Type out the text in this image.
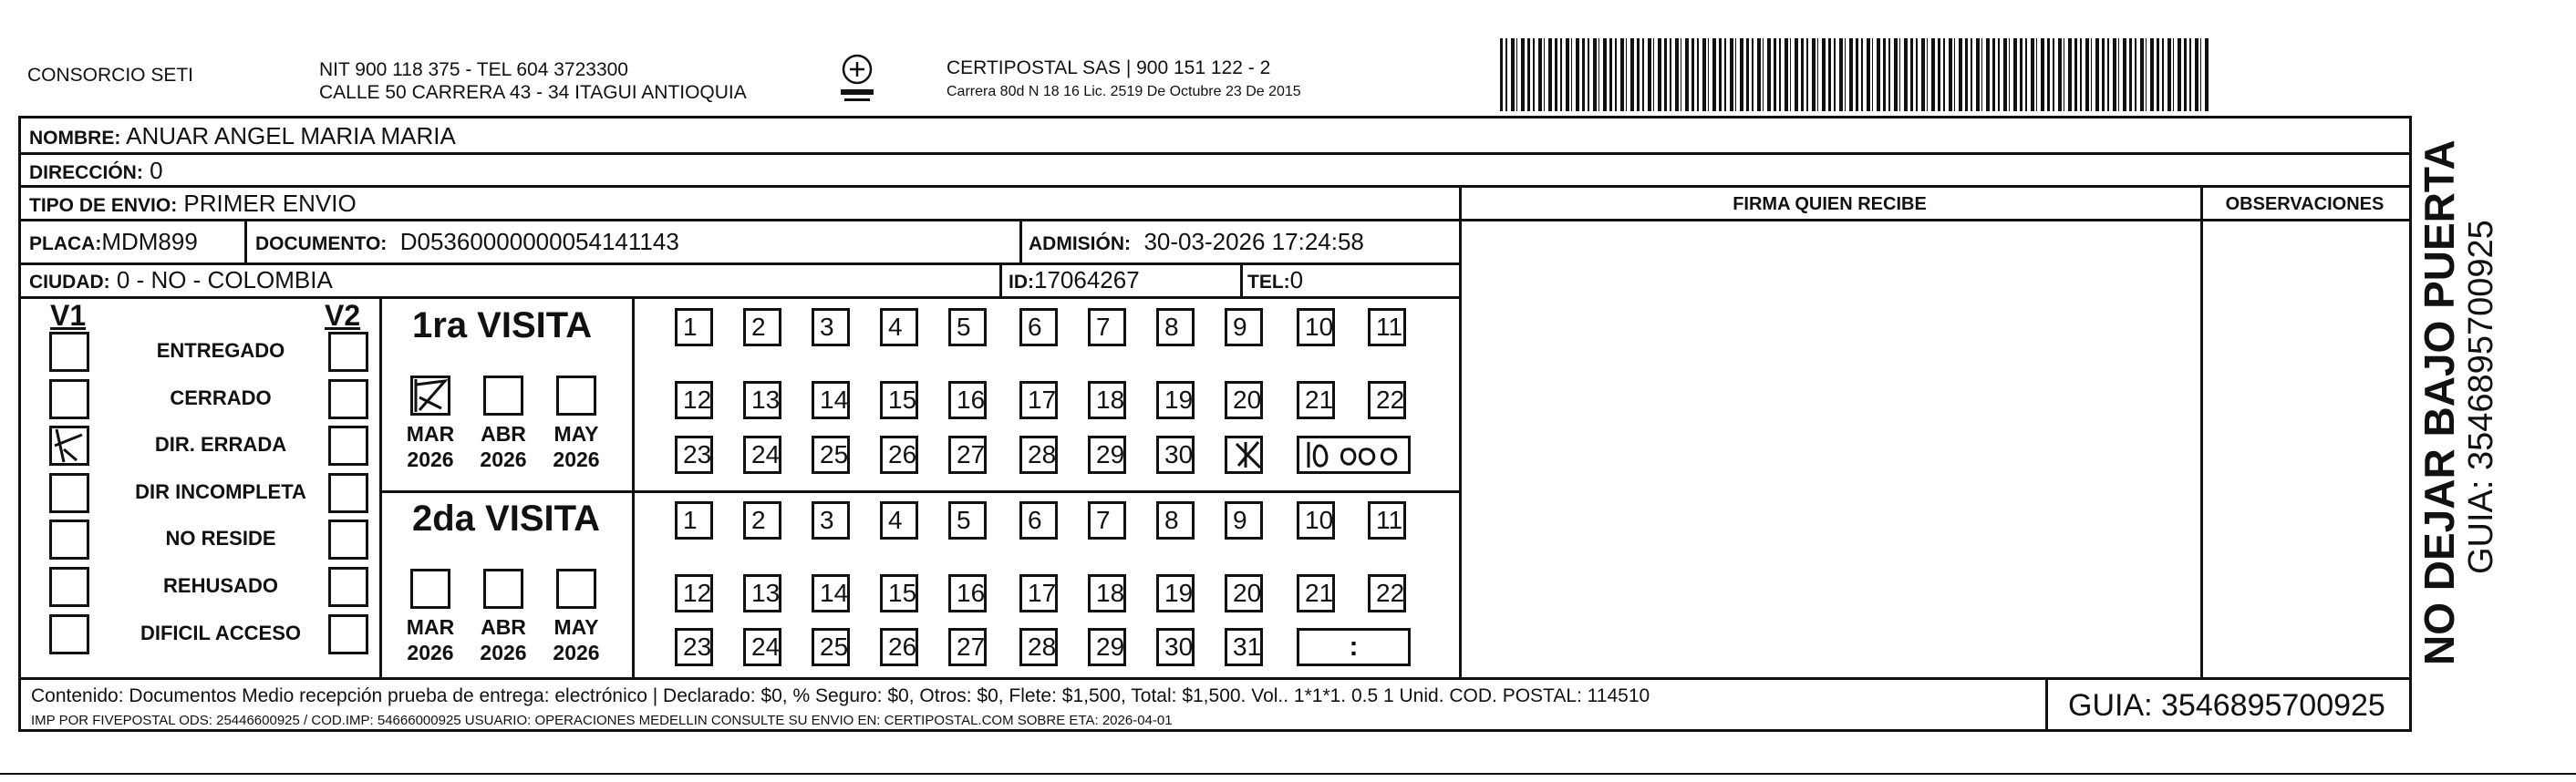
CONSORCIO SETI	NIT 900 118 375 - TEL 604 3723300
CALLE 50 CARRERA 43 - 34 ITAGUI ANTIOQUIA
CERTIPOSTAL SAS | 900 151 122 - 2
Carrera 80d N 18 16 Lic. 2519 De Octubre 23 De 2015
NOMBRE: ANUAR ANGEL MARIA MARIA
DIRECCIÓN: 0
TIPO DE ENVIO: PRIMER ENVIO	FIRMA QUIEN RECIBE	OBSERVACIONES
PLACA:MDM899	DOCUMENTO: D05360000000054141143	ADMISIÓN: 30-03-2026 17:24:58
CIUDAD: 0 - NO - COLOMBIA	ID:17064267	TEL:0
V1	V2
ENTREGADO
CERRADO
DIR. ERRADA
DIR INCOMPLETA
NO RESIDE
REHUSADO
DIFICIL ACCESO
1ra VISITA
2da VISITA
MAR
2026
ABR
2026
MAY
2026
MAR
2026
ABR
2026
MAY
2026
1	2	3	4	5	6	7	8	9	10	11
12	13	14	15	16	17	18	19	20	21	22
23	24	25	26	27	28	29	30
1	2	3	4	5	6	7	8	9	10	11
12	13	14	15	16	17	18	19	20	21	22
23	24	25	26	27	28	29	30	31	:
Contenido: Documentos Medio recepción prueba de entrega: electrónico | Declarado: $0, % Seguro: $0, Otros: $0, Flete: $1,500, Total: $1,500. Vol.. 1*1*1. 0.5 1 Unid. COD. POSTAL: 114510
IMP POR FIVEPOSTAL ODS: 25446600925 / COD.IMP: 54666000925 USUARIO: OPERACIONES MEDELLIN CONSULTE SU ENVIO EN: CERTIPOSTAL.COM SOBRE ETA: 2026-04-01	GUIA: 3546895700925
NO DEJAR BAJO PUERTA GUIA: 3546895700925
